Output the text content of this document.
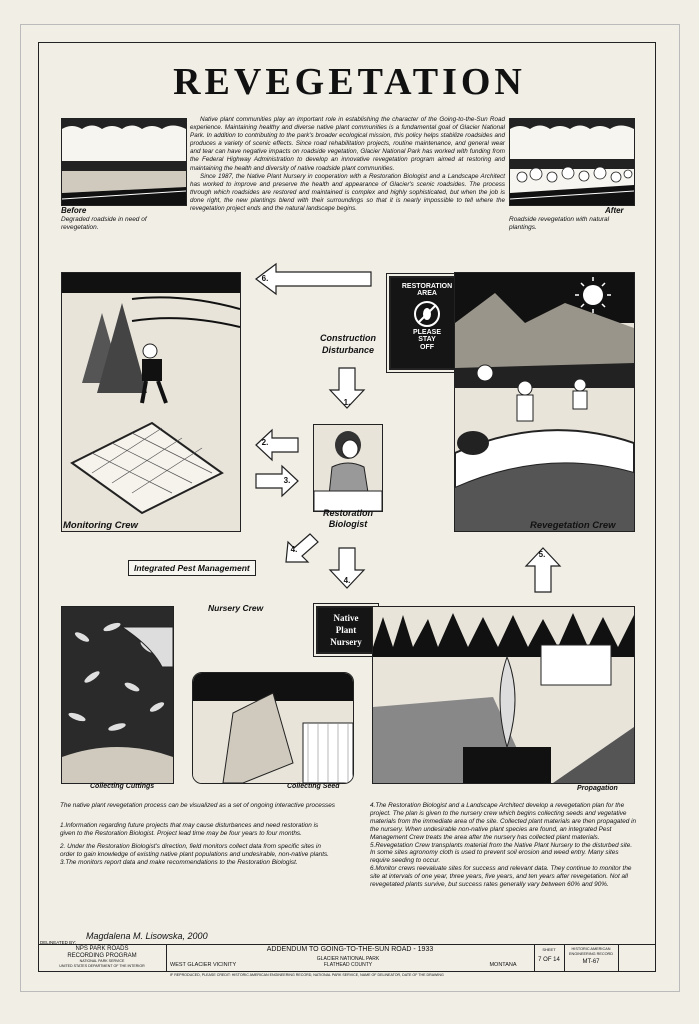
REVEGETATION
Before
Degraded roadside in need of revegetation.
After
Roadside revegetation with natural plantings.

Native plant communities play an important role in establishing the character of the Going-to-the-Sun Road experience. Maintaining healthy and diverse native plant communities is a fundamental goal of Glacier National Park. In addition to contributing to the park's broader ecological mission, this policy helps stabilize roadsides and produces a variety of scenic effects. Since road rehabilitation projects, routine maintenance, and general wear and tear can have negative impacts on roadside vegetation, Glacier National Park has worked with funding from the Federal Highway Administration to develop an innovative revegetation program aimed at restoring and maintaining the health and diversity of native roadside plant communities.

Since 1987, the Native Plant Nursery in cooperation with a Restoration Biologist and a Landscape Architect has worked to improve and preserve the health and appearance of Glacier's scenic roadsides. The process through which roadsides are restored and maintained is complex and highly sophisticated, but when the job is done right, the new plantings blend with their surroundings so that it is nearly impossible to tell where the revegetation project ends and the natural landscape begins.

6.
Monitoring Crew
Construction Disturbance
RESTORATION
AREA
PLEASE
STAY
OFF
Revegetation Crew
1.
Restoration Biologist
2.
3.
4.
4.
5.
Integrated Pest Management
Nursery Crew
Native
Plant
Nursery
Collecting Cuttings	Collecting Seed	Propagation

The native plant revegetation process can be visualized as a set of ongoing interactive processes

1.Information regarding future projects that may cause disturbances and need restoration is given to the Restoration Biologist. Project lead time may be four years to four months.

2. Under the Restoration Biologist's direction, field monitors collect data from specific sites in order to gain knowledge of existing native plant populations and undesirable, non-native plants.

3.The monitors report data and make recommendations to the Restoration Biologist.

4.The Restoration Biologist and a Landscape Architect develop a revegetation plan for the project. The plan is given to the nursery crew which begins collecting seeds and vegetative materials from the immediate area of the site. Collected plant materials are then propagated in the nursery. When undesirable non-native plant species are found, an integrated Pest Management Crew treats the area after the nursery has collected plant materials.

5.Revegetation Crew transplants material from the Native Plant Nursery to the disturbed site. In some sites agronomy cloth is used to prevent soil erosion and weed entry. Many sites require seeding to occur.

6.Monitor crews reevaluate sites for success and relevant data. They continue to monitor the site at intervals of one year, three years, five years, and ten years after revegetation. Not all revegetated plants survive, but success rates generally vary between 60% and 90%.

DELINEATED BY:
Magdalena M. Lisowska, 2000
NPS PARK ROADS
RECORDING PROGRAM
NATIONAL PARK SERVICE
UNITED STATES DEPARTMENT OF THE INTERIOR
ADDENDUM TO GOING-TO-THE-SUN ROAD - 1933
WEST GLACIER VICINITY
GLACIER NATIONAL PARK
FLATHEAD COUNTY	MONTANA
SHEET
7 OF 14
HISTORIC AMERICAN
ENGINEERING RECORD
MT-67
IF REPRODUCED, PLEASE CREDIT: HISTORIC AMERICAN ENGINEERING RECORD, NATIONAL PARK SERVICE, NAME OF DELINEATOR, DATE OF THE DRAWING
